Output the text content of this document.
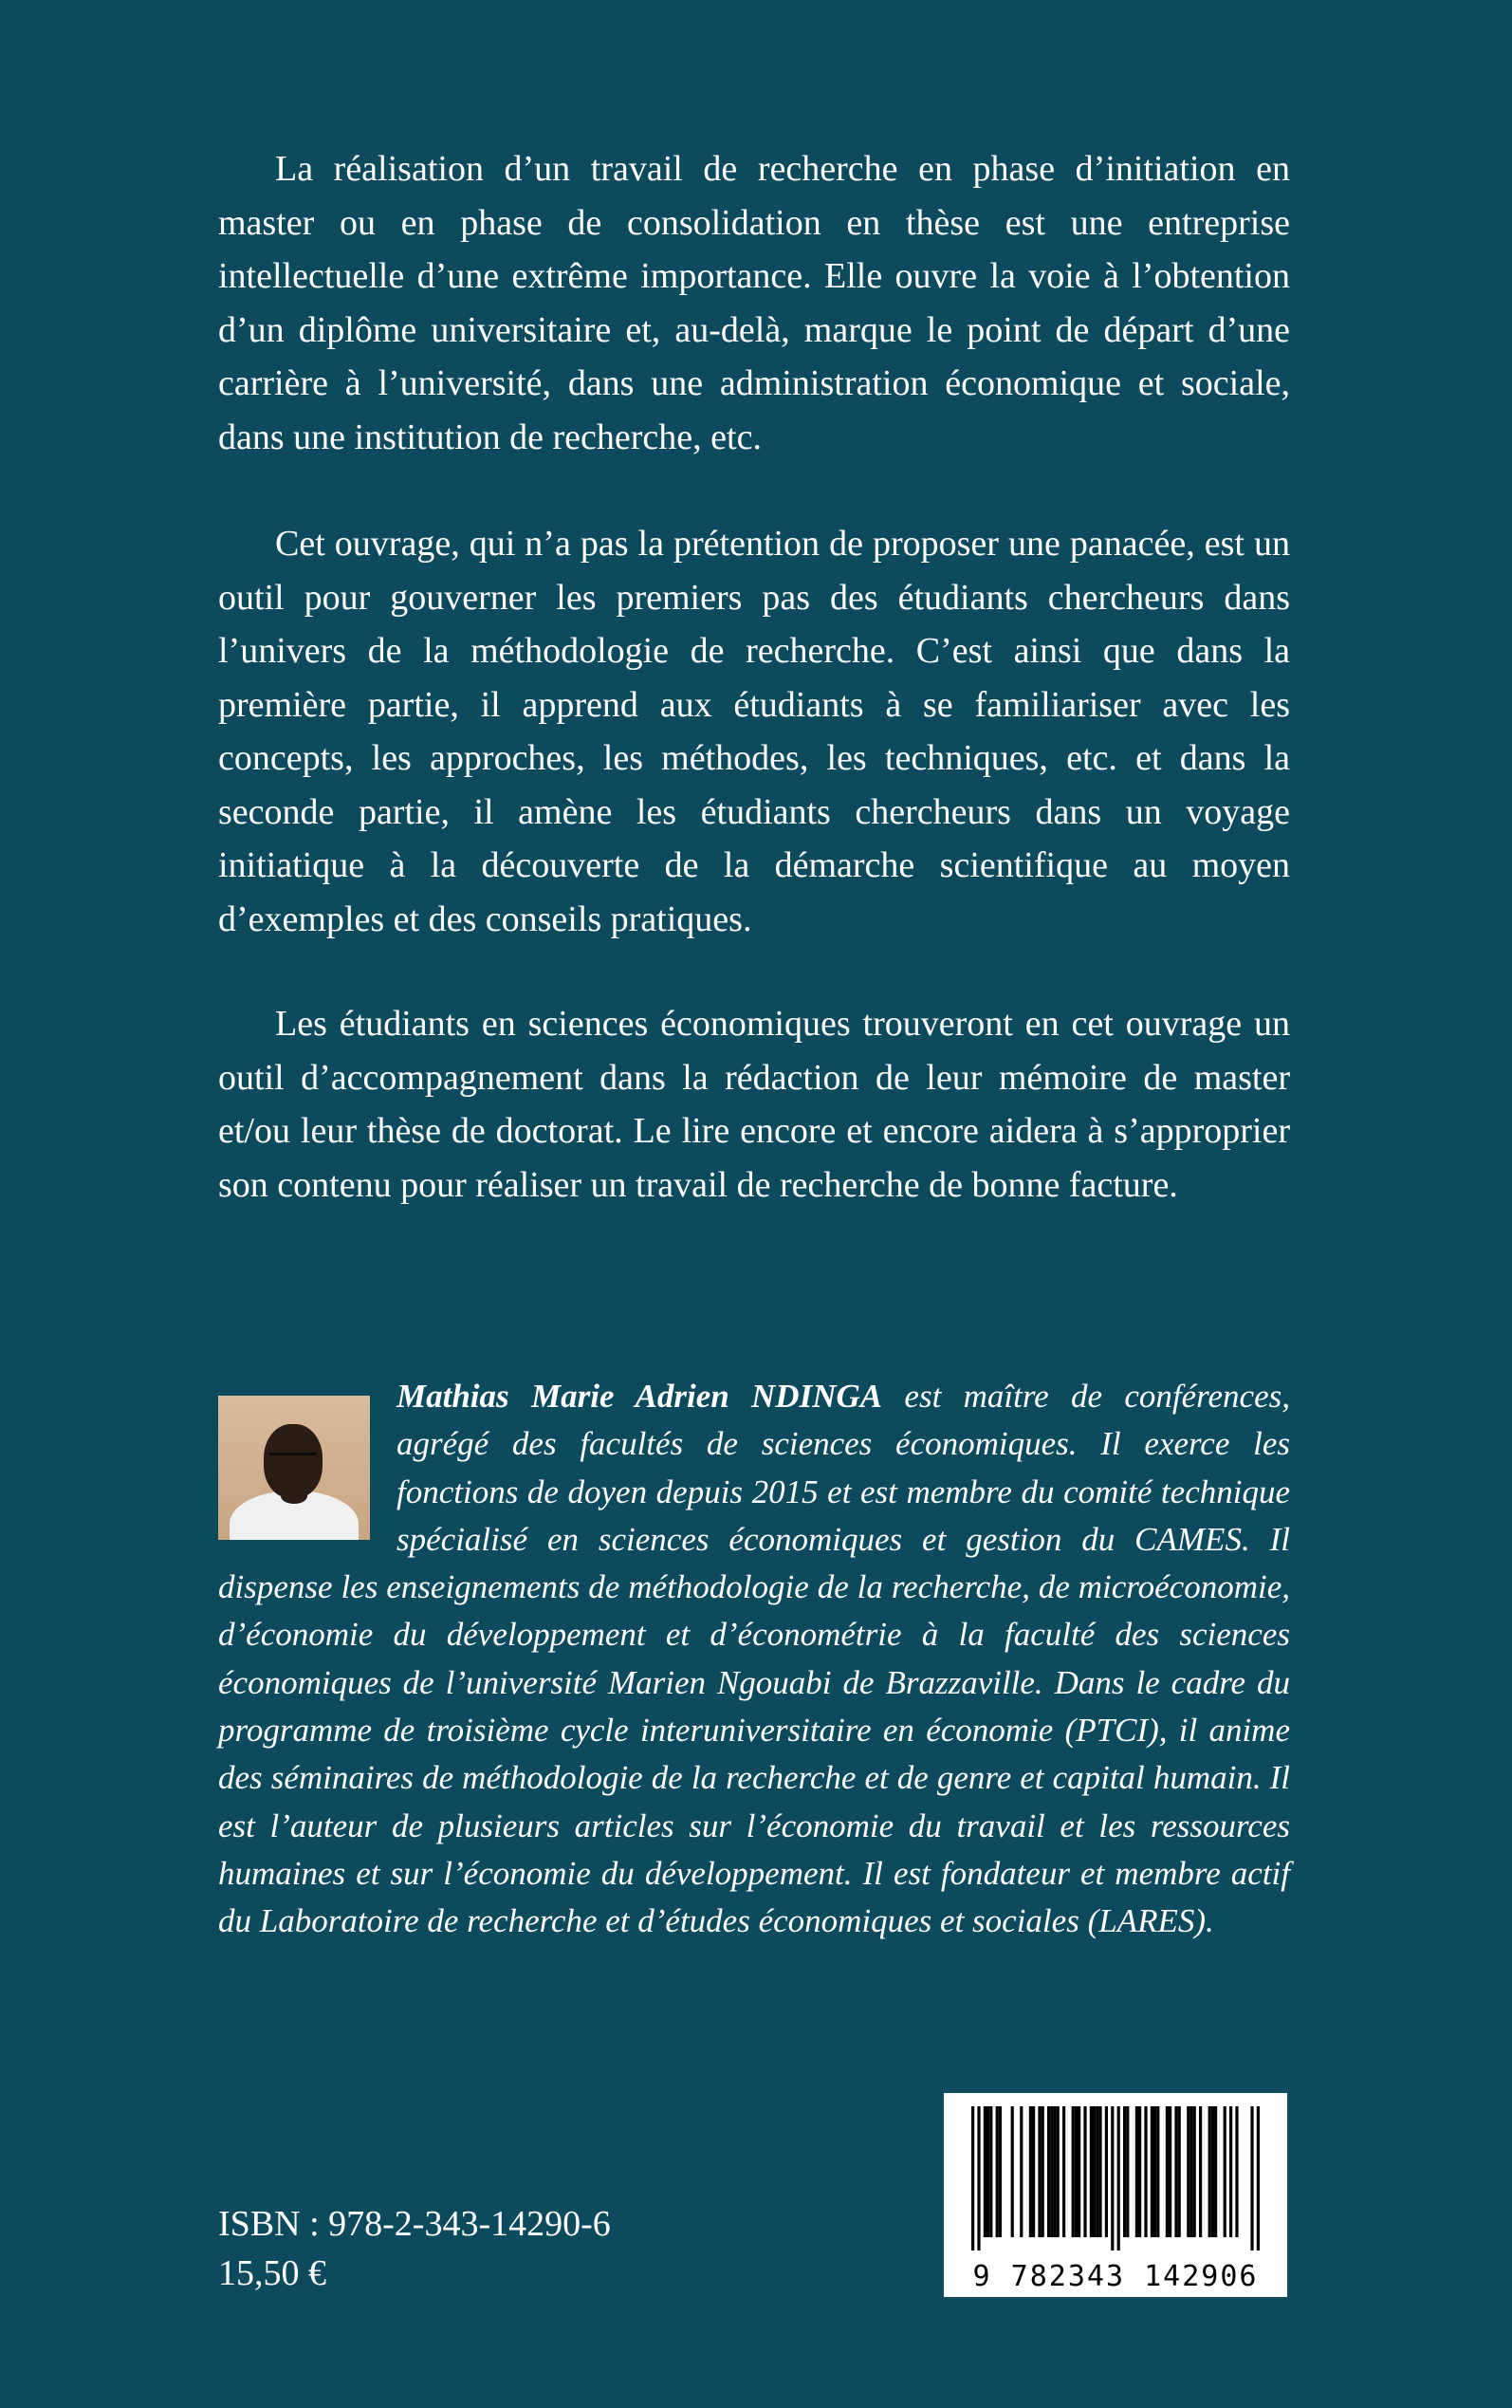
La réalisation d’un travail de recherche en phase d’initiation en master ou en phase de consolidation en thèse est une entreprise intellectuelle d’une extrême importance. Elle ouvre la voie à l’obtention d’un diplôme universitaire et, au-delà, marque le point de départ d’une carrière à l’université, dans une administration économique et sociale, dans une institution de recherche, etc.

Cet ouvrage, qui n’a pas la prétention de proposer une panacée, est un outil pour gouverner les premiers pas des étudiants chercheurs dans l’univers de la méthodologie de recherche. C’est ainsi que dans la première partie, il apprend aux étudiants à se familiariser avec les concepts, les approches, les méthodes, les techniques, etc. et dans la seconde partie, il amène les étudiants chercheurs dans un voyage initiatique à la découverte de la démarche scientifique au moyen d’exemples et des conseils pratiques.

Les étudiants en sciences économiques trouveront en cet ouvrage un outil d’accompagnement dans la rédaction de leur mémoire de master et/ou leur thèse de doctorat. Le lire encore et encore aidera à s’approprier son contenu pour réaliser un travail de recherche de bonne facture.

Mathias Marie Adrien NDINGA est maître de conférences, agrégé des facultés de sciences économiques. Il exerce les fonctions de doyen depuis 2015 et est membre du comité technique spécialisé en sciences économiques et gestion du CAMES. Il dispense les enseignements de méthodologie de la recherche, de microéconomie, d’économie du développement et d’économétrie à la faculté des sciences économiques de l’université Marien Ngouabi de Brazzaville. Dans le cadre du programme de troisième cycle interuniversitaire en économie (PTCI), il anime des séminaires de méthodologie de la recherche et de genre et capital humain. Il est l’auteur de plusieurs articles sur l’économie du travail et les ressources humaines et sur l’économie du développement. Il est fondateur et membre actif du Laboratoire de recherche et d’études économiques et sociales (LARES).

ISBN : 978-2-343-14290-6
15,50 €	9 782343 142906
